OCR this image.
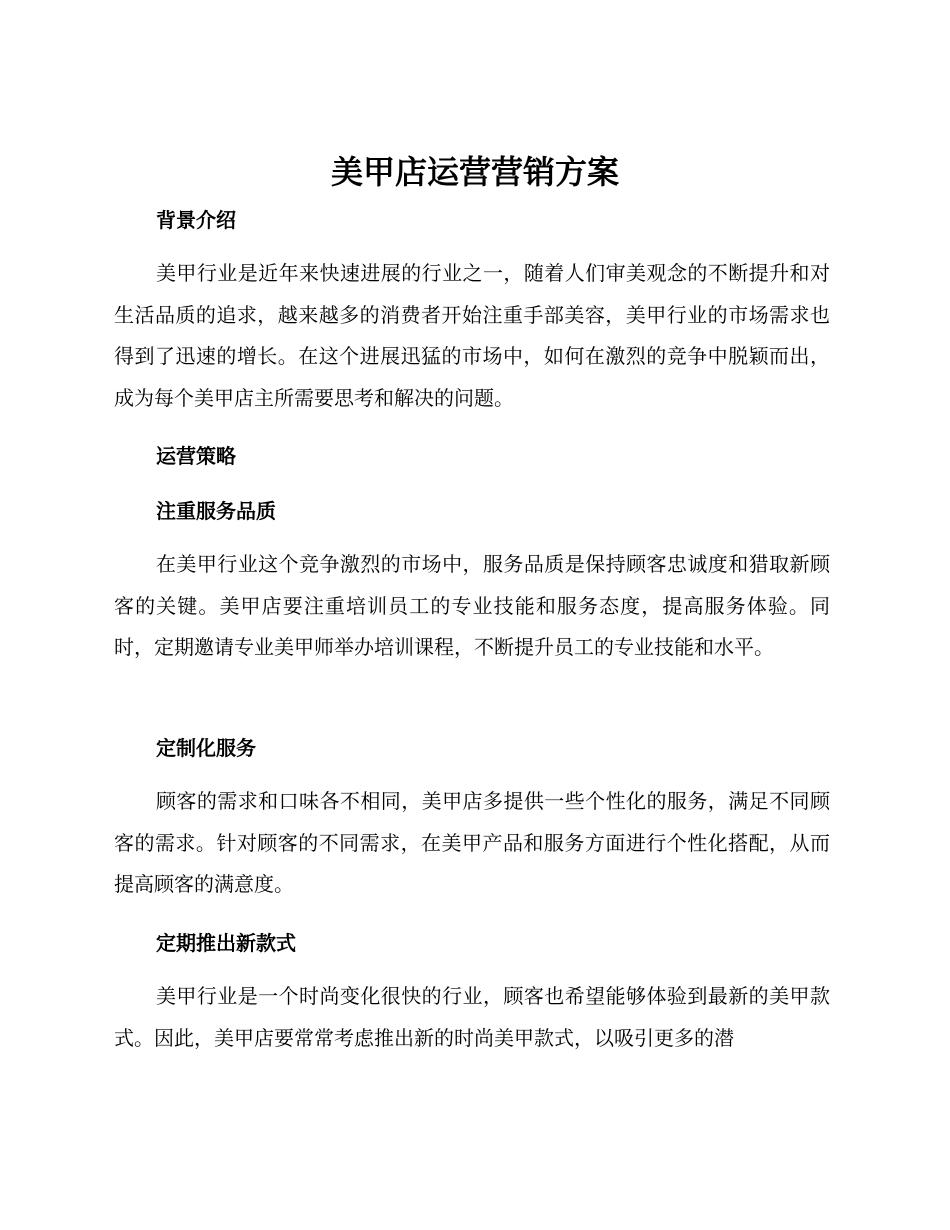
美甲店运营营销方案
背景介绍

美甲行业是近年来快速进展的行业之一，随着人们审美观念的不断提升和对生活品质的追求，越来越多的消费者开始注重手部美容，美甲行业的市场需求也得到了迅速的增长。在这个进展迅猛的市场中，如何在激烈的竞争中脱颖而出，成为每个美甲店主所需要思考和解决的问题。

运营策略
注重服务品质

在美甲行业这个竞争激烈的市场中，服务品质是保持顾客忠诚度和猎取新顾客的关键。美甲店要注重培训员工的专业技能和服务态度，提高服务体验。同时，定期邀请专业美甲师举办培训课程，不断提升员工的专业技能和水平。

定制化服务

顾客的需求和口味各不相同，美甲店多提供一些个性化的服务，满足不同顾客的需求。针对顾客的不同需求，在美甲产品和服务方面进行个性化搭配，从而提高顾客的满意度。

定期推出新款式

美甲行业是一个时尚变化很快的行业，顾客也希望能够体验到最新的美甲款式。因此，美甲店要常常考虑推出新的时尚美甲款式，以吸引更多的潜
